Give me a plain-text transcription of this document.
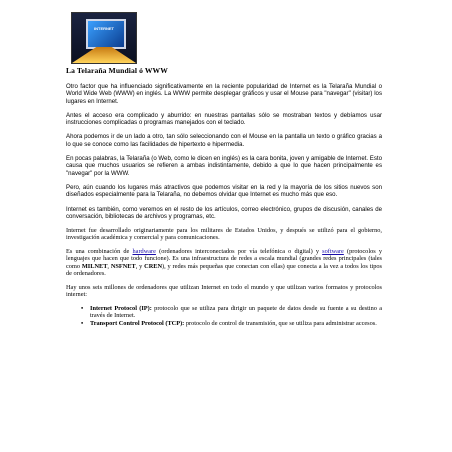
INTERNET
La Telaraña Mundial ó WWW

Otro factor que ha influenciado significativamente en la reciente popularidad de Internet es la Telaraña Mundial o World Wide Web (WWW) en inglés. La WWW permite desplegar gráficos y usar el Mouse para "navegar" (visitar) los lugares en Internet.

Antes el acceso era complicado y aburrido: en nuestras pantallas sólo se mostraban textos y debíamos usar instrucciones complicadas o programas manejados con el teclado.

Ahora podemos ir de un lado a otro, tan sólo seleccionando con el Mouse en la pantalla un texto o gráfico gracias a lo que se conoce como las facilidades de hipertexto e hipermedia.

En pocas palabras, la Telaraña (o Web, como le dicen en inglés) es la cara bonita, joven y amigable de Internet. Esto causa que muchos usuarios se refieren a ambas indistintamente, debido a que lo que hacen principalmente es "navegar" por la WWW.

Pero, aún cuando los lugares más atractivos que podemos visitar en la red y la mayoría de los sitios nuevos son diseñados especialmente para la Telaraña, no debemos olvidar que Internet es mucho más que eso.

Internet es también, como veremos en el resto de los artículos, correo electrónico, grupos de discusión, canales de conversación, bibliotecas de archivos y programas, etc.

Internet fue desarrollado originariamente para los militares de Estados Unidos, y después se utilizó para el gobierno, investigación académica y comercial y para comunicaciones.

Es una combinación de hardware (ordenadores interconectados por vía telefónica o digital) y software (protocolos y lenguajes que hacen que todo funcione). Es una infraestructura de redes a escala mundial (grandes redes principales (tales como MILNET, NSFNET, y CREN), y redes más pequeñas que conectan con ellas) que conecta a la vez a todos los tipos de ordenadores.

Hay unos seis millones de ordenadores que utilizan Internet en todo el mundo y que utilizan varios formatos y protocolos internet:

• Internet Protocol (IP): protocolo que se utiliza para dirigir un paquete de datos desde su fuente a su destino a través de Internet.
• Transport Control Protocol (TCP): protocolo de control de transmisión, que se utiliza para administrar accesos.
